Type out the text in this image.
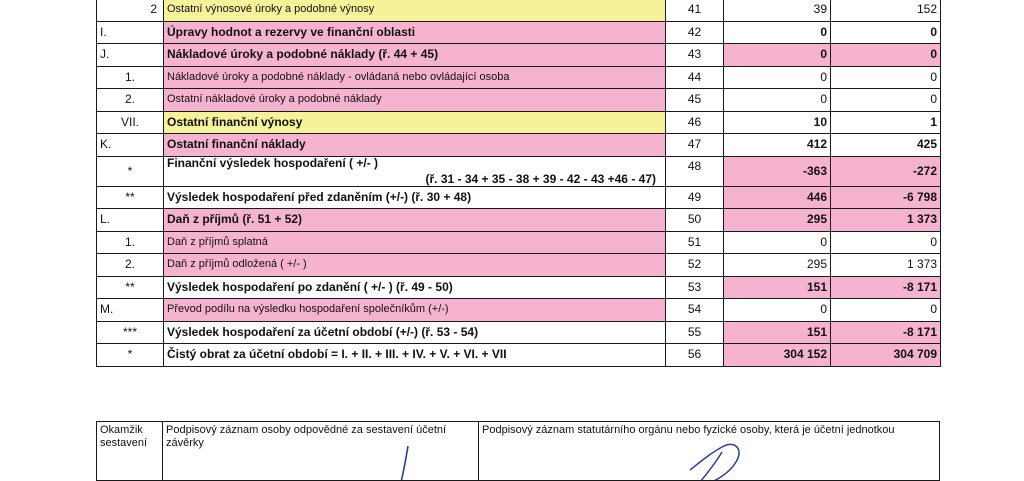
2	Ostatní výnosové úroky a podobné výnosy	41	39	152
I.	Úpravy hodnot a rezervy ve finanční oblasti	42	0	0
J.	Nákladové úroky a podobné náklady (ř. 44 + 45)	43	0	0
1.	Nákladové úroky a podobné náklady - ovládaná nebo ovládající osoba	44	0	0
2.	Ostatní nákladové úroky a podobné náklady	45	0	0
VII.	Ostatní finanční výnosy	46	10	1
K.	Ostatní finanční náklady	47	412	425
*	Finanční výsledek hospodaření ( +/- )
(ř. 31 - 34 + 35 - 38 + 39 - 42 - 43 +46 - 47)	48	-363	-272
**	Výsledek hospodaření před zdaněním (+/-) (ř. 30 + 48)	49	446	-6 798
L.	Daň z příjmů (ř. 51 + 52)	50	295	1 373
1.	Daň z příjmů splatná	51	0	0
2.	Daň z příjmů odložená ( +/- )	52	295	1 373
**	Výsledek hospodaření po zdanění ( +/- ) (ř. 49 - 50)	53	151	-8 171
M.	Převod podílu na výsledku hospodaření společníkům (+/-)	54	0	0
***	Výsledek hospodaření za účetní období (+/-) (ř. 53 - 54)	55	151	-8 171
*	Čistý obrat za účetní období = I. + II. + III. + IV. + V. + VI. + VII	56	304 152	304 709
Okamžik sestavení
Podpisový záznam osoby odpovědné za sestavení účetní závěrky
Podpisový záznam statutárního orgánu nebo fyzické osoby, která je účetní jednotkou
